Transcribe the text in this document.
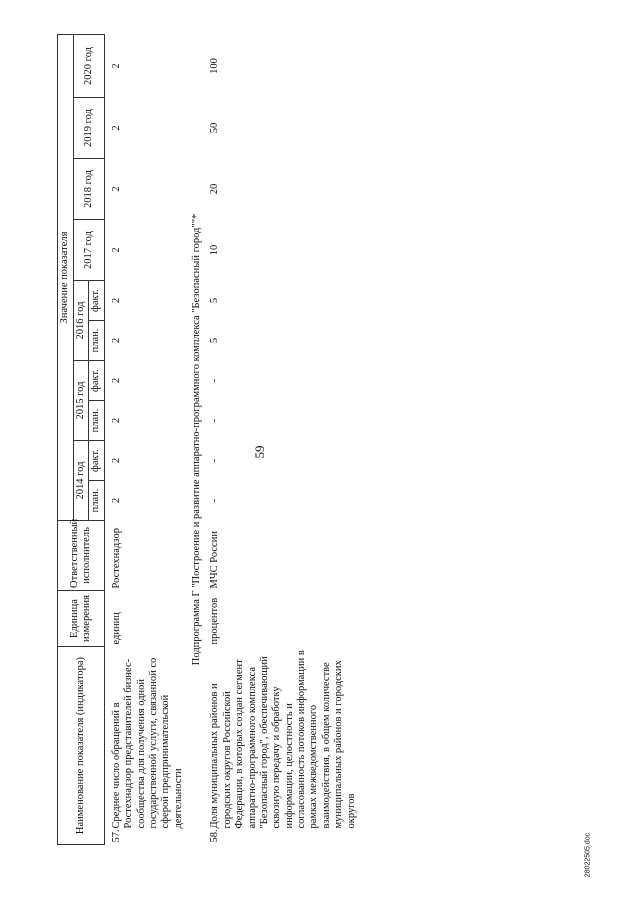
59
Наименование показателя (индикатора)	Единица измерения	Ответственный исполнитель	Значение показателя									
			2014 год		2015 год		2016 год		2017 год	2018 год	2019 год	2020 год
			план.	факт.	план.	факт.	план.	факт.				

57.
Среднее число обращений в Ростехнадзор представителей бизнес-сообщества для получения одной государственной услуги, связанной со сферой предпринимательской деятельности	единиц	Ростехнадзор	2	2	2	2	2	2	2	2	2	2
Подпрограмма Г "Построение и развитие аппаратно-программного комплекса "Безопасный город""*												

58.
Доля муниципальных районов и городских округов Российской Федерации, в которых создан сегмент аппаратно-программного комплекса "Безопасный город", обеспечивающий сквозную передачу и обработку информации, целостность и согласованность потоков информации в рамках межведомственного взаимодействия, в общем количестве муниципальных районов и городских округов	процентов	МЧС России	-	-	-	-	5	5	10	20	50	100
28022505.doc
